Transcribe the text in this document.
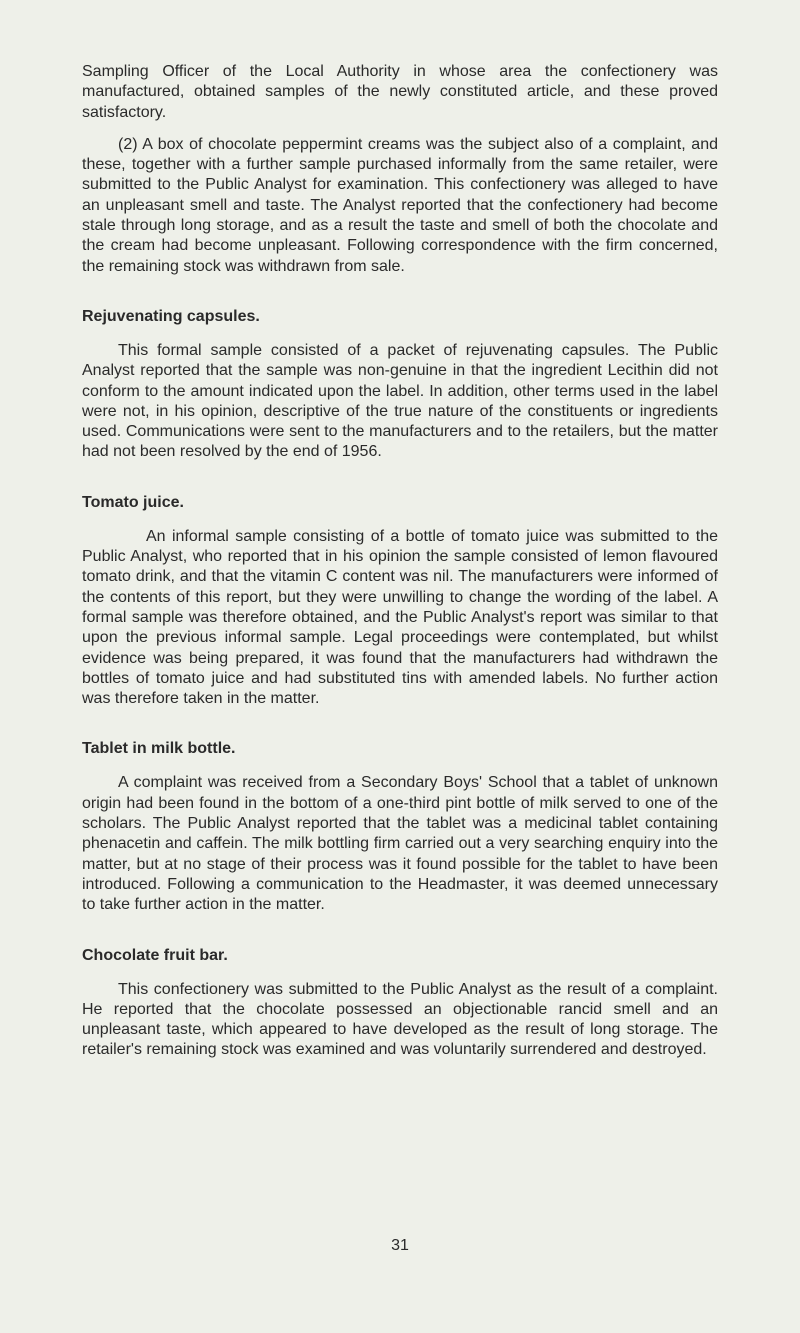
Sampling Officer of the Local Authority in whose area the confectionery was manufactured, obtained samples of the newly constituted article, and these proved satisfactory.

(2) A box of chocolate peppermint creams was the subject also of a complaint, and these, together with a further sample purchased informally from the same retailer, were submitted to the Public Analyst for examination. This confectionery was alleged to have an unpleasant smell and taste. The Analyst reported that the confectionery had become stale through long storage, and as a result the taste and smell of both the chocolate and the cream had become unpleasant. Following correspondence with the firm concerned, the remaining stock was withdrawn from sale.

Rejuvenating capsules.

This formal sample consisted of a packet of rejuvenating capsules. The Public Analyst reported that the sample was non-genuine in that the ingredient Lecithin did not conform to the amount indicated upon the label. In addition, other terms used in the label were not, in his opinion, descriptive of the true nature of the constituents or ingredients used. Communications were sent to the manufacturers and to the retailers, but the matter had not been resolved by the end of 1956.

Tomato juice.

An informal sample consisting of a bottle of tomato juice was submitted to the Public Analyst, who reported that in his opinion the sample consisted of lemon flavoured tomato drink, and that the vitamin C content was nil. The manufacturers were informed of the contents of this report, but they were unwilling to change the wording of the label. A formal sample was therefore obtained, and the Public Analyst's report was similar to that upon the previous informal sample. Legal proceedings were contemplated, but whilst evidence was being prepared, it was found that the manufacturers had withdrawn the bottles of tomato juice and had substituted tins with amended labels. No further action was therefore taken in the matter.

Tablet in milk bottle.

A complaint was received from a Secondary Boys' School that a tablet of unknown origin had been found in the bottom of a one-third pint bottle of milk served to one of the scholars. The Public Analyst reported that the tablet was a medicinal tablet containing phenacetin and caffein. The milk bottling firm carried out a very searching enquiry into the matter, but at no stage of their process was it found possible for the tablet to have been introduced. Following a communication to the Headmaster, it was deemed unnecessary to take further action in the matter.

Chocolate fruit bar.

This confectionery was submitted to the Public Analyst as the result of a complaint. He reported that the chocolate possessed an objectionable rancid smell and an unpleasant taste, which appeared to have developed as the result of long storage. The retailer's remaining stock was examined and was voluntarily surrendered and destroyed.

31
